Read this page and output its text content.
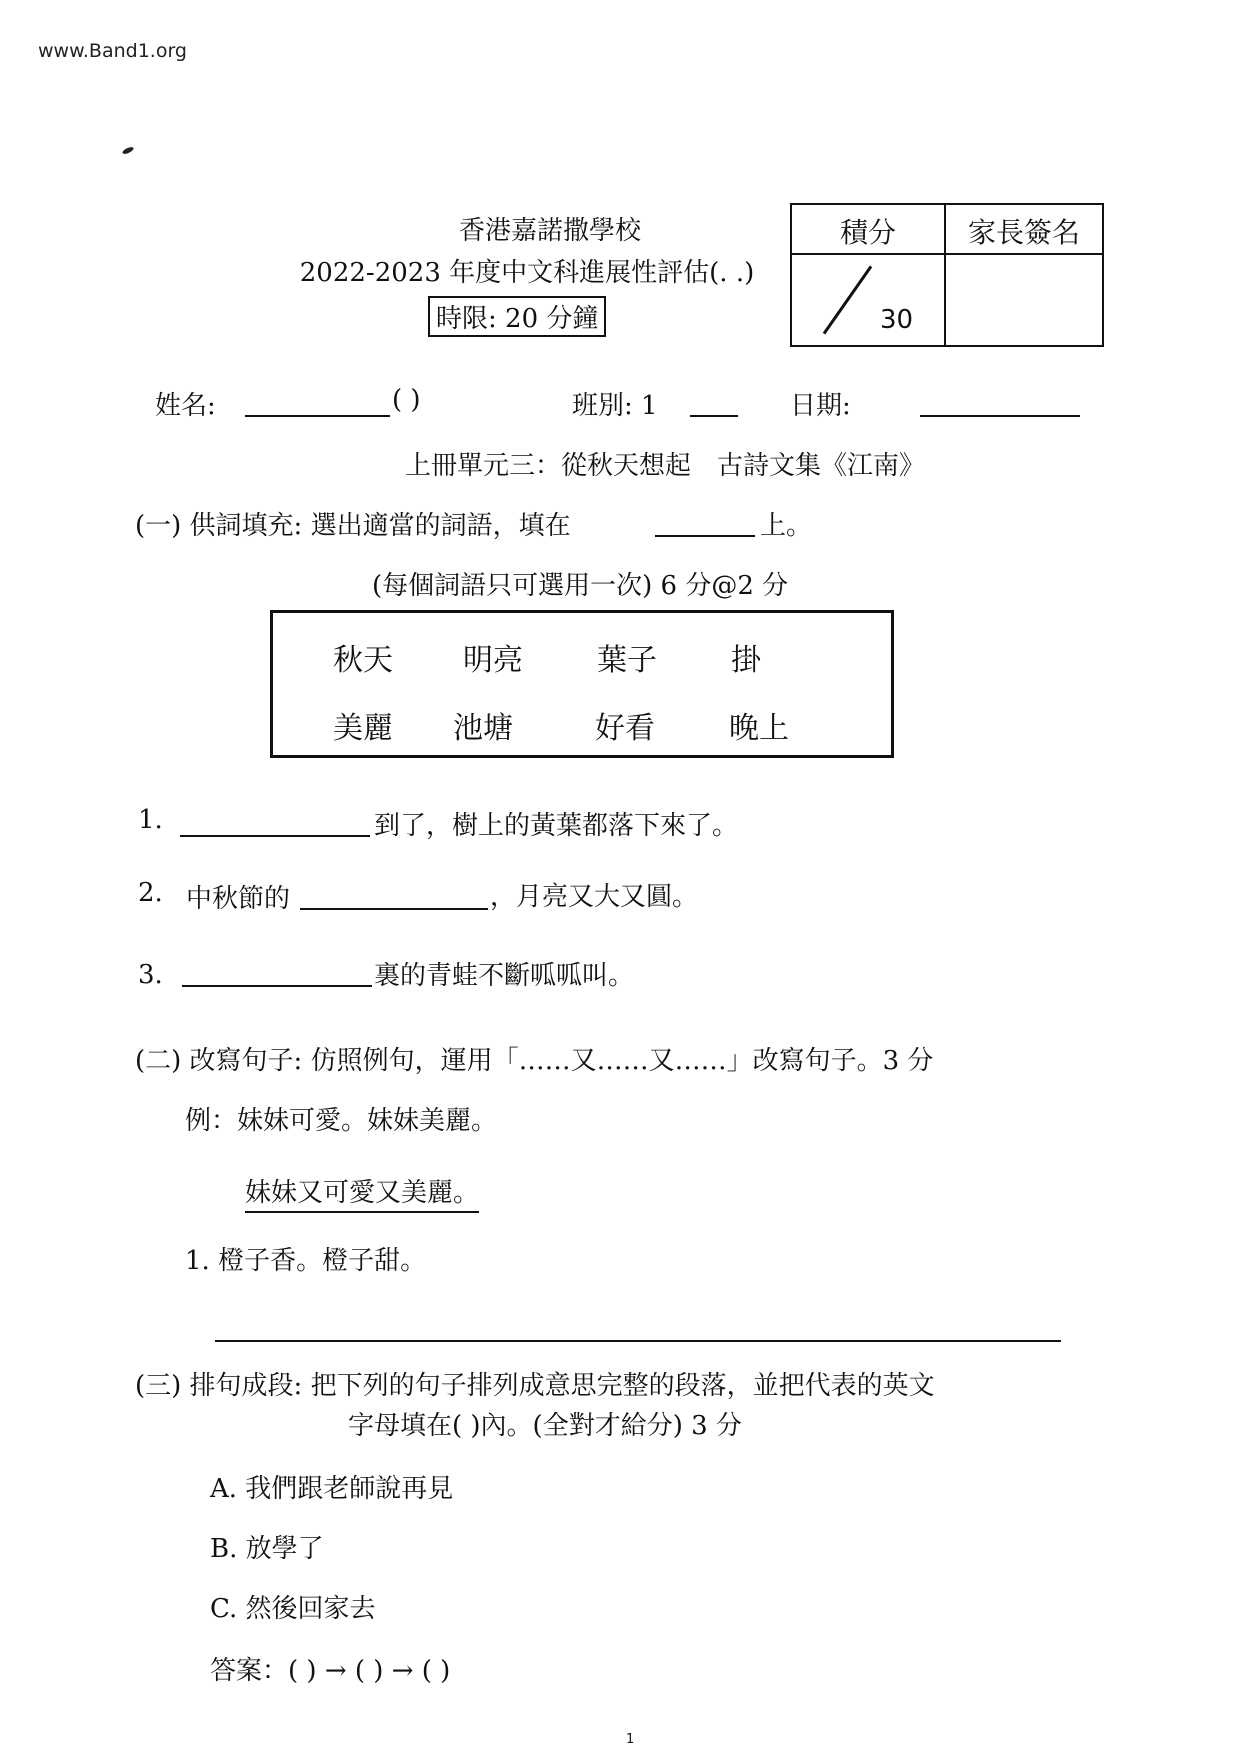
www.Band1.org
香港嘉諾撒學校
2022-2023 年度中文科進展性評估(. .)
時限: 20 分鐘
積分	家長簽名
30
姓名:	( )	班別: 1	日期:
上冊單元三：從秋天想起　古詩文集《江南》
(一) 供詞填充: 選出適當的詞語，填在	上。
(每個詞語只可選用一次) 6 分@2 分
秋天 明亮 葉子 掛
美麗 池塘	好看 晚上
1.	到了，樹上的黃葉都落下來了。
2. 中秋節的	，月亮又大又圓。
3.	裏的青蛙不斷呱呱叫。
(二) 改寫句子: 仿照例句，運用「……又……又……」改寫句子。3 分
例：妹妹可愛。妹妹美麗。
妹妹又可愛又美麗。
1. 橙子香。橙子甜。
(三) 排句成段: 把下列的句子排列成意思完整的段落，並把代表的英文
字母填在( )內。(全對才給分) 3 分
A. 我們跟老師說再見
B. 放學了
C. 然後回家去
答案：( ) → ( ) → ( )
1
